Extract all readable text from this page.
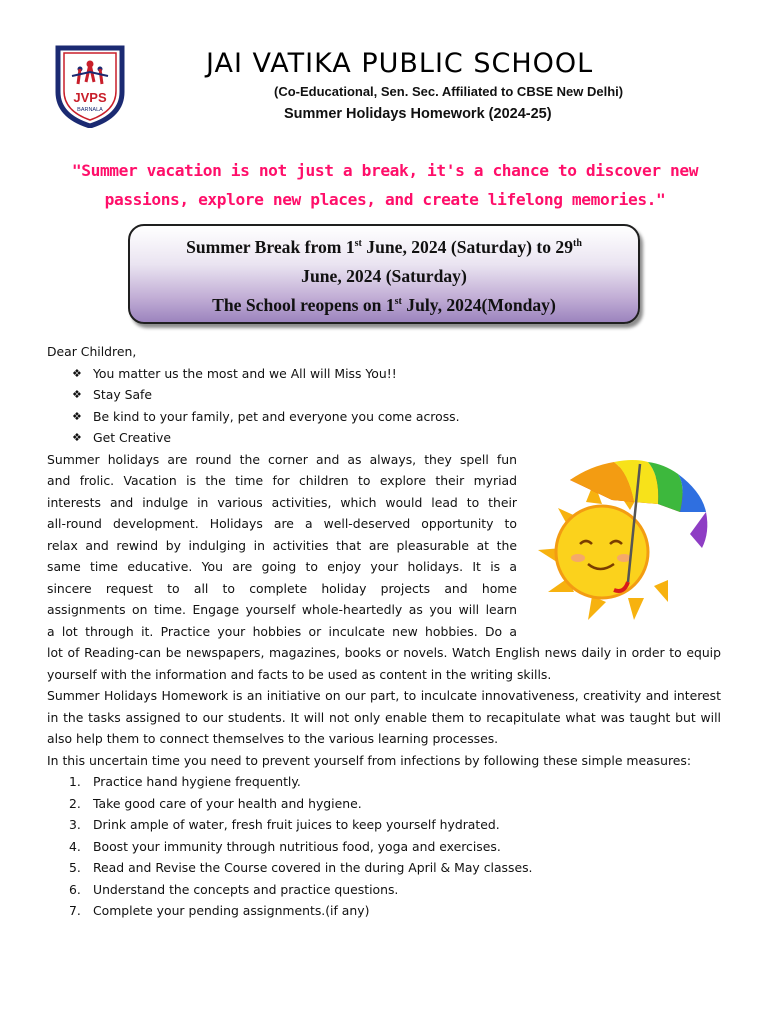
JVPS
BARNALA
JAI VATIKA PUBLIC SCHOOL
(Co-Educational, Sen. Sec. Affiliated to CBSE New Delhi)
Summer Holidays Homework (2024-25)
"Summer vacation is not just a break, it's a chance to discover new
passions, explore new places, and create lifelong memories."
Summer Break from 1st June, 2024 (Saturday) to 29th
June, 2024 (Saturday)
The School reopens on 1st July, 2024(Monday)

Dear Children,

❖ You matter us the most and we All will Miss You!!
❖ Stay Safe
❖ Be kind to your family, pet and everyone you come across.
❖ Get Creative
Summer holidays are round the corner and as always, they spell fun
and frolic. Vacation is the time for children to explore their myriad
interests and indulge in various activities, which would lead to their
all-round development. Holidays are a well-deserved opportunity to
relax and rewind by indulging in activities that are pleasurable at the
same time educative. You are going to enjoy your holidays. It is a
sincere request to all to complete holiday projects and home
assignments on time. Engage yourself whole-heartedly as you will learn
a lot through it. Practice your hobbies or inculcate new hobbies. Do a

lot of Reading-can be newspapers, magazines, books or novels. Watch English news daily in order to equip yourself with the information and facts to be used as content in the writing skills.

Summer Holidays Homework is an initiative on our part, to inculcate innovativeness, creativity and interest in the tasks assigned to our students. It will not only enable them to recapitulate what was taught but will also help them to connect themselves to the various learning processes.

In this uncertain time you need to prevent yourself from infections by following these simple measures:

1. Practice hand hygiene frequently.
2. Take good care of your health and hygiene.
3. Drink ample of water, fresh fruit juices to keep yourself hydrated.
4. Boost your immunity through nutritious food, yoga and exercises.
5. Read and Revise the Course covered in the during April & May classes.
6. Understand the concepts and practice questions.
7. Complete your pending assignments.(if any)
